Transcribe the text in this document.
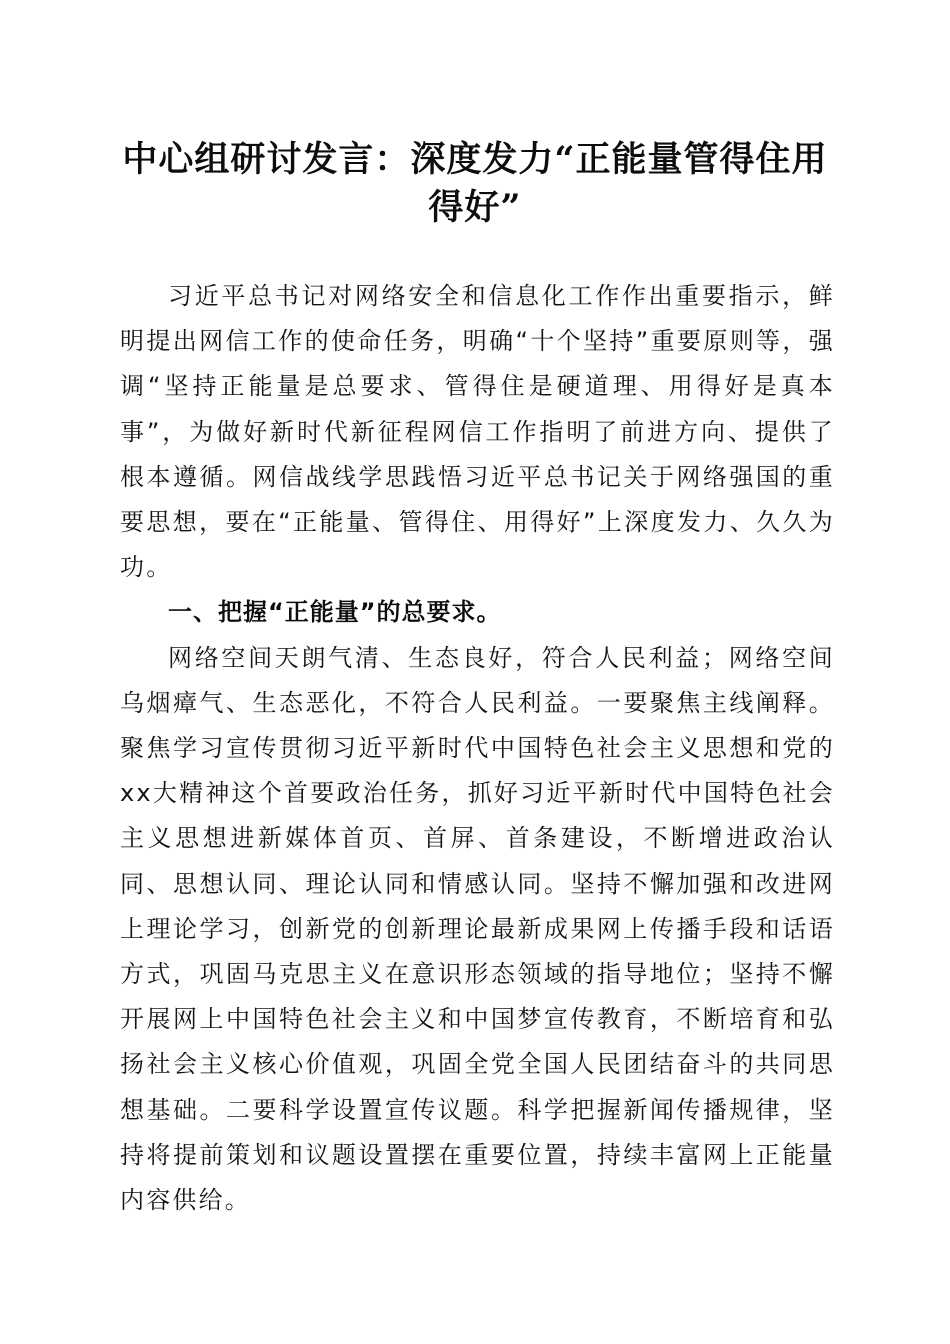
中心组研讨发言：深度发力“正能量管得住用得好”

习近平总书记对网络安全和信息化工作作出重要指示，鲜明提出网信工作的使命任务，明确“十个坚持”重要原则等，强调“坚持正能量是总要求、管得住是硬道理、用得好是真本事”，为做好新时代新征程网信工作指明了前进方向、提供了根本遵循。网信战线学思践悟习近平总书记关于网络强国的重要思想，要在“正能量、管得住、用得好”上深度发力、久久为功。

一、把握“正能量”的总要求。

网络空间天朗气清、生态良好，符合人民利益；网络空间乌烟瘴气、生态恶化，不符合人民利益。一要聚焦主线阐释。聚焦学习宣传贯彻习近平新时代中国特色社会主义思想和党的xx大精神这个首要政治任务，抓好习近平新时代中国特色社会主义思想进新媒体首页、首屏、首条建设，不断增进政治认同、思想认同、理论认同和情感认同。坚持不懈加强和改进网上理论学习，创新党的创新理论最新成果网上传播手段和话语方式，巩固马克思主义在意识形态领域的指导地位；坚持不懈开展网上中国特色社会主义和中国梦宣传教育，不断培育和弘扬社会主义核心价值观，巩固全党全国人民团结奋斗的共同思想基础。二要科学设置宣传议题。科学把握新闻传播规律，坚持将提前策划和议题设置摆在重要位置，持续丰富网上正能量内容供给。
